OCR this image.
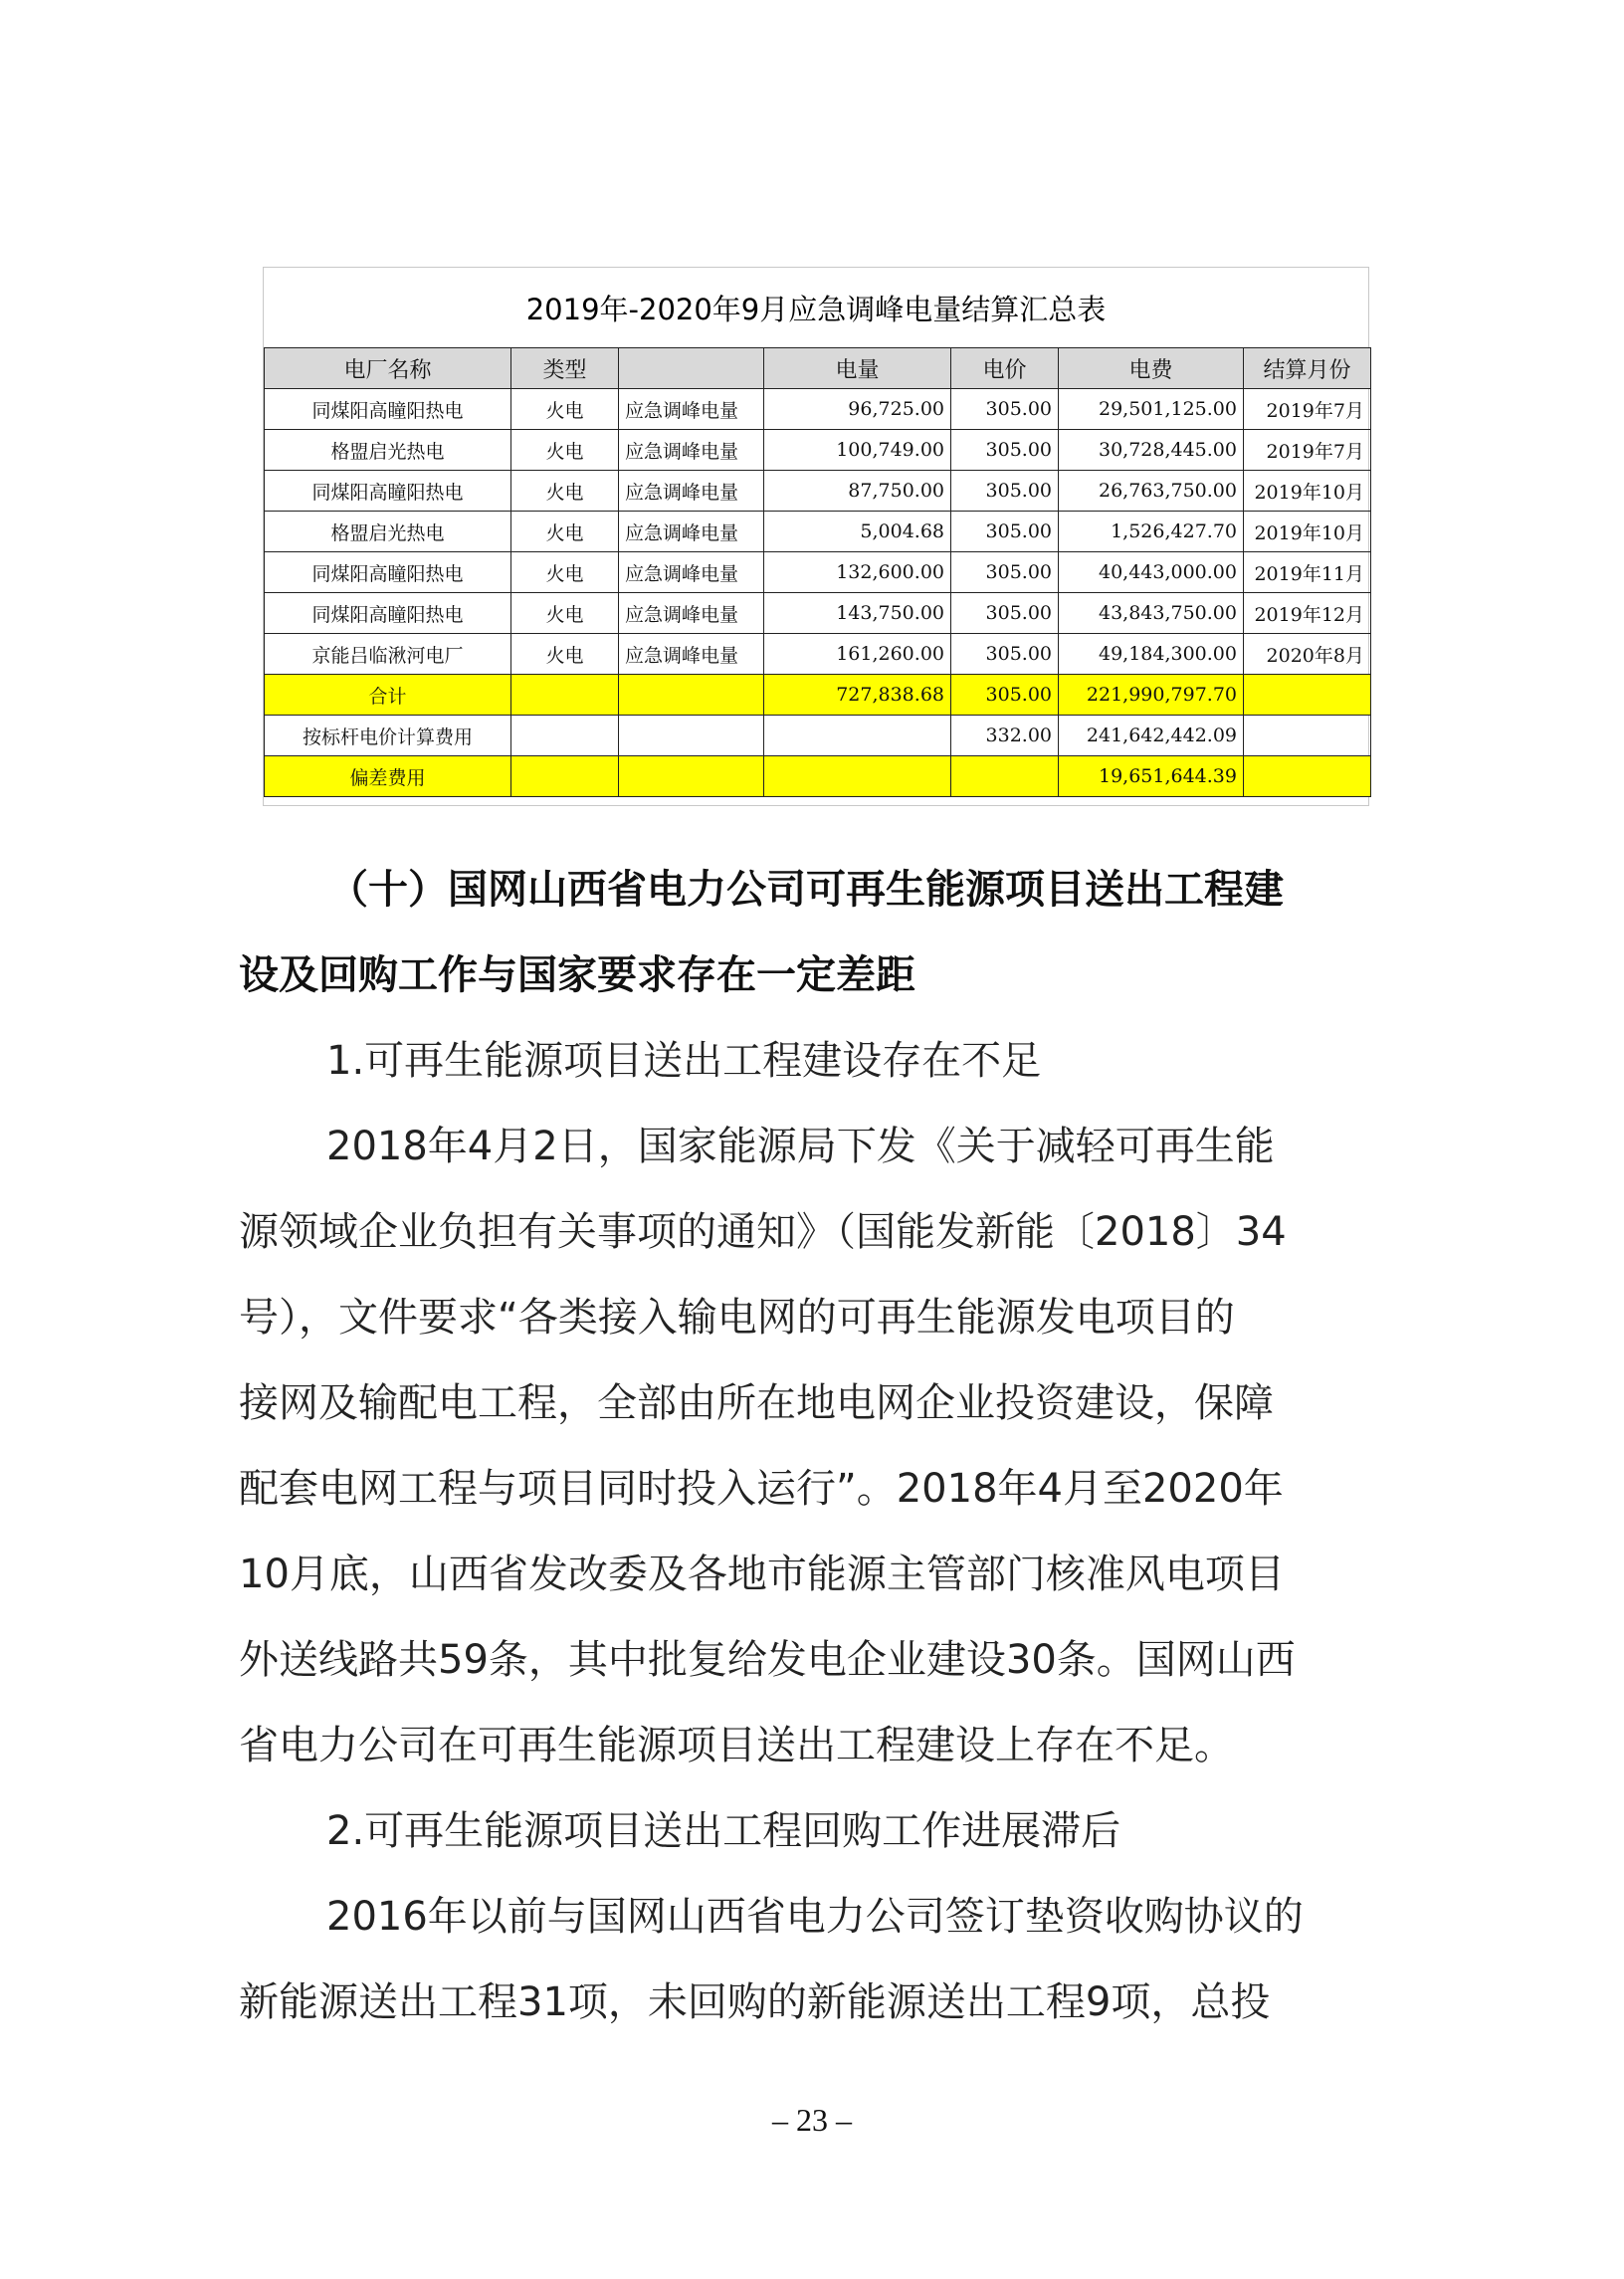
2019年-2020年9月应急调峰电量结算汇总表
电厂名称	类型		电量	电价	电费	结算月份
同煤阳高瞳阳热电	火电	应急调峰电量	96,725.00	305.00	29,501,125.00	2019年7月
格盟启光热电	火电	应急调峰电量	100,749.00	305.00	30,728,445.00	2019年7月
同煤阳高瞳阳热电	火电	应急调峰电量	87,750.00	305.00	26,763,750.00	2019年10月
格盟启光热电	火电	应急调峰电量	5,004.68	305.00	1,526,427.70	2019年10月
同煤阳高瞳阳热电	火电	应急调峰电量	132,600.00	305.00	40,443,000.00	2019年11月
同煤阳高瞳阳热电	火电	应急调峰电量	143,750.00	305.00	43,843,750.00	2019年12月
京能吕临湫河电厂	火电	应急调峰电量	161,260.00	305.00	49,184,300.00	2020年8月
合计			727,838.68	305.00	221,990,797.70	
按标杆电价计算费用				332.00	241,642,442.09	
偏差费用					19,651,644.39	
（十）国网山西省电力公司可再生能源项目送出工程建
设及回购工作与国家要求存在一定差距
1.可再生能源项目送出工程建设存在不足
2018年4月2日，国家能源局下发《关于减轻可再生能
源领域企业负担有关事项的通知》（国能发新能〔2018〕34
号），文件要求“各类接入输电网的可再生能源发电项目的
接网及输配电工程，全部由所在地电网企业投资建设，保障
配套电网工程与项目同时投入运行”。2018年4月至2020年
10月底，山西省发改委及各地市能源主管部门核准风电项目
外送线路共59条，其中批复给发电企业建设30条。国网山西
省电力公司在可再生能源项目送出工程建设上存在不足。
2.可再生能源项目送出工程回购工作进展滞后
2016年以前与国网山西省电力公司签订垫资收购协议的
新能源送出工程31项，未回购的新能源送出工程9项，总投
– 23 –
